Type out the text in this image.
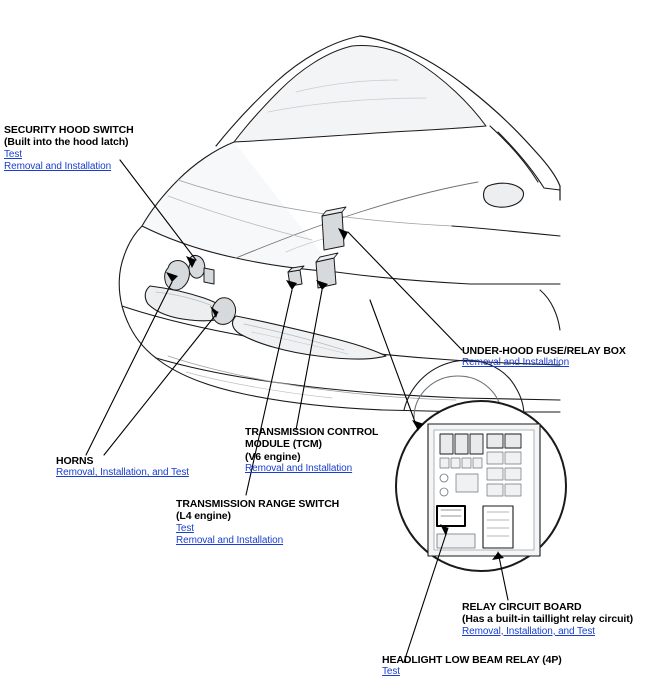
SECURITY HOOD SWITCH
(Built into the hood latch)
Test
Removal and Installation
UNDER-HOOD FUSE/RELAY BOX
Removal and Installation
HORNS
Removal, Installation, and Test
TRANSMISSION CONTROL
MODULE (TCM)
(V6 engine)
Removal and Installation
TRANSMISSION RANGE SWITCH
(L4 engine)
Test
Removal and Installation
RELAY CIRCUIT BOARD
(Has a built-in taillight relay circuit)
Removal, Installation, and Test
HEADLIGHT LOW BEAM RELAY (4P)
Test
